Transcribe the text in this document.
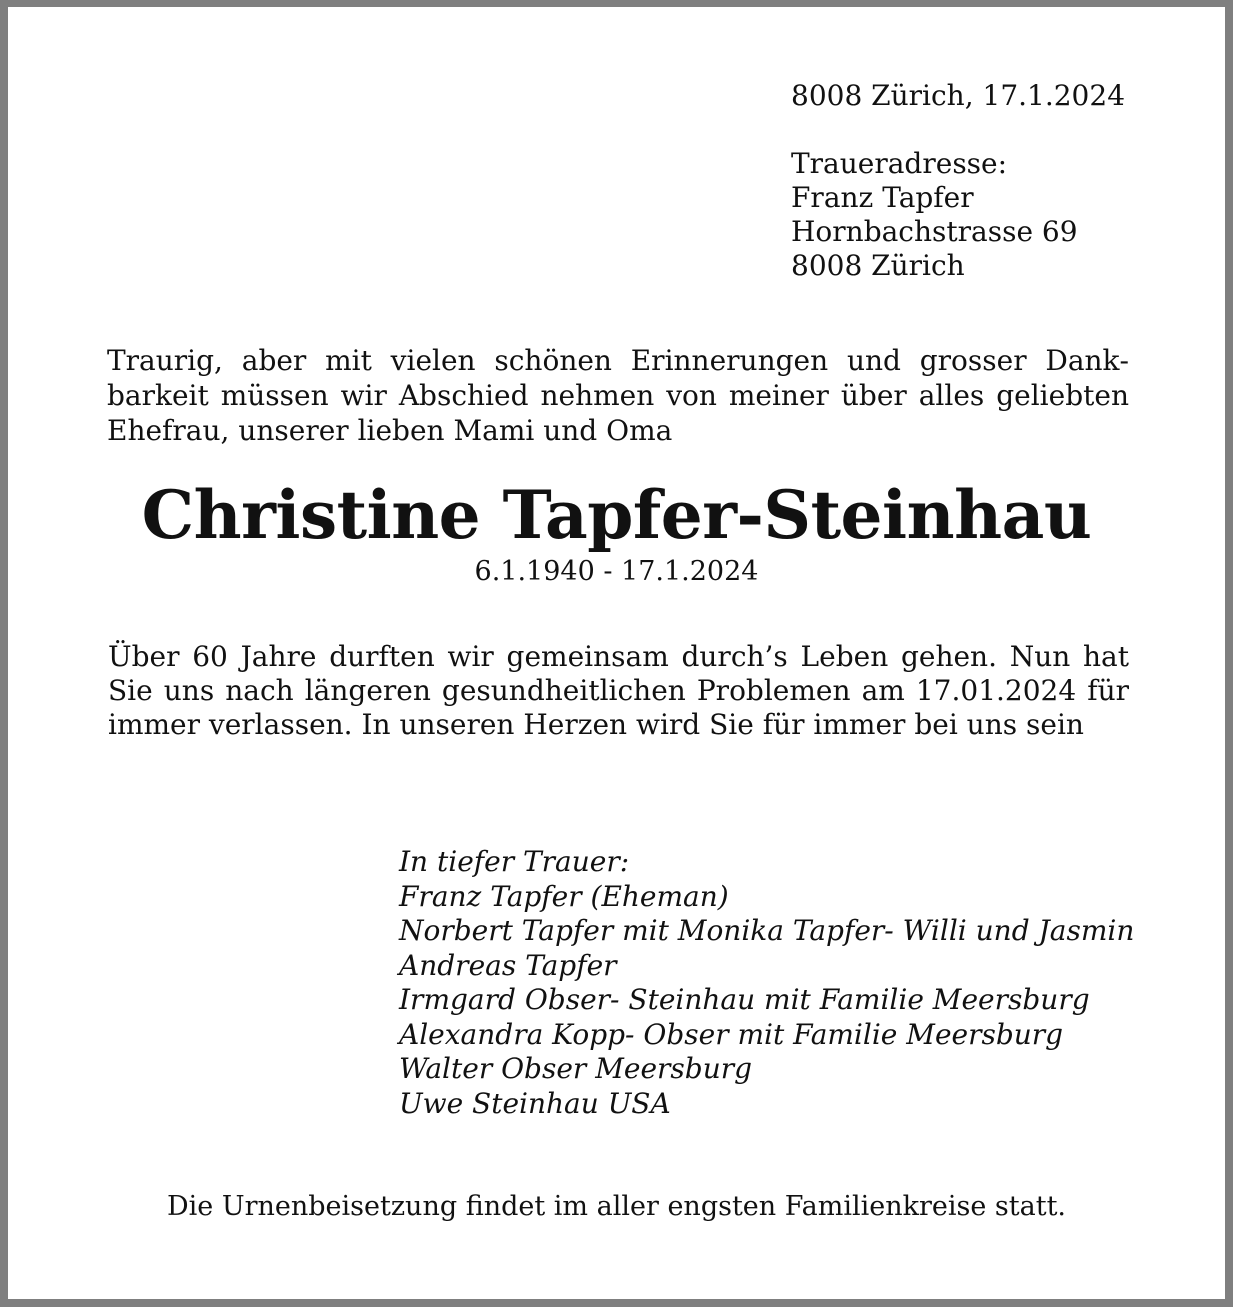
8008 Zürich, 17.1.2024
Traueradresse:
Franz Tapfer
Hornbachstrasse 69
8008 Zürich
Traurig, aber mit vielen schönen Erinnerungen und grosser Dankbarkeit müssen wir Abschied nehmen von meiner über alles geliebten Ehefrau, unserer lieben Mami und Oma
Christine Tapfer-Steinhau
6.1.1940 - 17.1.2024
Über 60 Jahre durften wir gemeinsam durch’s Leben gehen. Nun hat Sie uns nach längeren gesundheitlichen Problemen am 17.01.2024 für immer verlassen. In unseren Herzen wird Sie für immer bei uns sein
In tiefer Trauer:
Franz Tapfer (Eheman)
Norbert Tapfer mit Monika Tapfer- Willi und Jasmin
Andreas Tapfer
Irmgard Obser- Steinhau mit Familie Meersburg
Alexandra Kopp- Obser mit Familie Meersburg
Walter Obser Meersburg
Uwe Steinhau USA
Die Urnenbeisetzung findet im aller engsten Familienkreise statt.
